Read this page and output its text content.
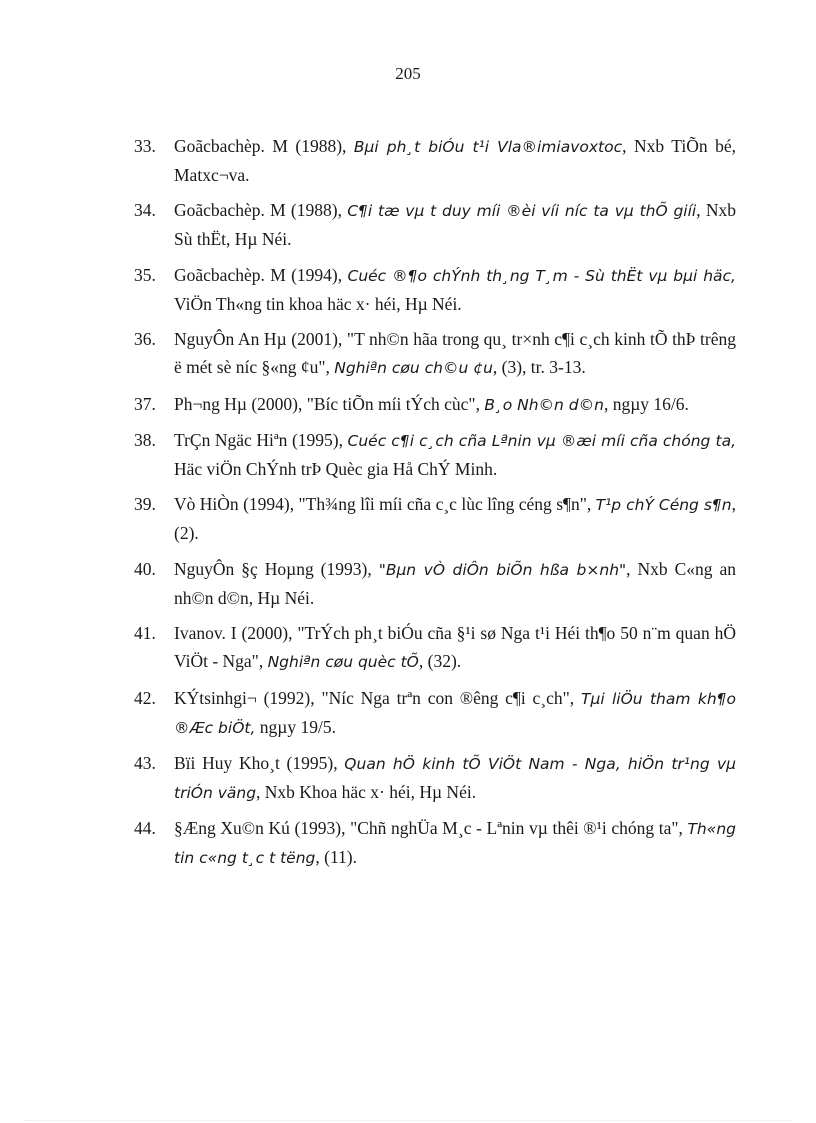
205
33. Goãcbachèp. M (1988), Bµi ph¸t biÓu t¹i Vla®imiavoxtoc, Nxb TiÕn bé, Matxc¬va.
34. Goãcbachèp. M (1988), C¶i tæ vµ t duy míi ®èi víi níc ta vµ thÕ giíi, Nxb Sù thËt, Hµ Néi.
35. Goãcbachèp. M (1994), Cuéc ®¶o chÝnh th¸ng T¸m - Sù thËt vµ bµi häc, ViÖn Th«ng tin khoa häc x· héi, Hµ Néi.
36. NguyÔn An Hµ (2001), "T nh©n hãa trong qu¸ tr×nh c¶i c¸ch kinh tÕ thÞ trêng ë mét sè níc §«ng ¢u", Nghiªn cøu ch©u ¢u, (3), tr. 3-13.
37. Ph¬ng Hµ (2000), "Bíc tiÕn míi tÝch cùc", B¸o Nh©n d©n, ngµy 16/6.
38. TrÇn Ngäc Hiªn (1995), Cuéc c¶i c¸ch cña Lªnin vµ ®æi míi cña chóng ta, Häc viÖn ChÝnh trÞ Quèc gia Hå ChÝ Minh.
39. Vò HiÒn (1994), "Th¾ng lîi míi cña c¸c lùc lîng céng s¶n", T¹p chÝ Céng s¶n, (2).
40. NguyÔn §ç Hoµng (1993), "Bµn vÒ diÔn biÕn hßa b×nh", Nxb C«ng an nh©n d©n, Hµ Néi.
41. Ivanov. I (2000), "TrÝch ph¸t biÓu cña §¹i sø Nga t¹i Héi th¶o 50 n¨m quan hÖ ViÖt - Nga", Nghiªn cøu quèc tÕ, (32).
42. KÝtsinhgi¬ (1992), "Níc Nga trªn con ®êng c¶i c¸ch", Tµi liÖu tham kh¶o ®Æc biÖt, ngµy 19/5.
43. Bïi Huy Kho¸t (1995), Quan hÖ kinh tÕ ViÖt Nam - Nga, hiÖn tr¹ng vµ triÓn väng, Nxb Khoa häc x· héi, Hµ Néi.
44. §Æng Xu©n Kú (1993), "Chñ nghÜa M¸c - Lªnin vµ thêi ®¹i chóng ta", Th«ng tin c«ng t¸c t tëng, (11).
